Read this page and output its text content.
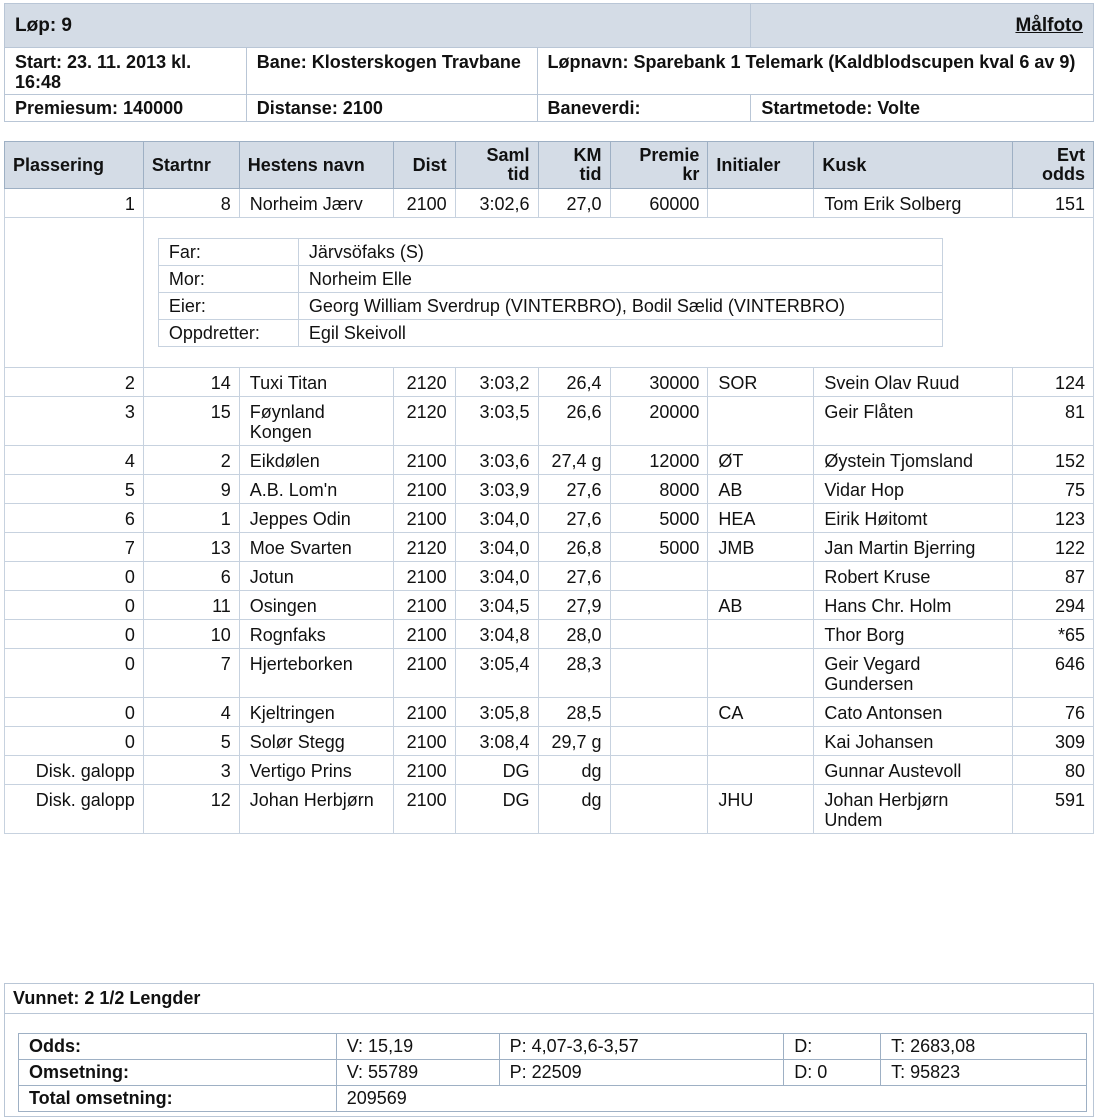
Løp: 9			Målfoto
Start: 23. 11. 2013 kl. 16:48	Bane: Klosterskogen Travbane	Løpnavn: Sparebank 1 Telemark (Kaldblodscupen kval 6 av 9)	
Premiesum: 140000	Distanse: 2100	Baneverdi:	Startmetode: Volte
Plassering	Startnr	Hestens navn	Dist	Saml tid	KM tid	Premie kr	Initialer	Kusk	Evt odds
1	8	Norheim Jærv	2100	3:02,6	27,0	60000		Tom Erik Solberg	151

Far:	Järvsöfaks (S)
Mor:	Norheim Elle
Eier:	Georg William Sverdrup (VINTERBRO), Bodil Sælid (VINTERBRO)
Oppdretter:	Egil Skeivoll

2	14	Tuxi Titan	2120	3:03,2	26,4	30000	SOR	Svein Olav Ruud	124
3	15	Føynland Kongen	2120	3:03,5	26,6	20000		Geir Flåten	81
4	2	Eikdølen	2100	3:03,6	27,4 g	12000	ØT	Øystein Tjomsland	152
5	9	A.B. Lom'n	2100	3:03,9	27,6	8000	AB	Vidar Hop	75
6	1	Jeppes Odin	2100	3:04,0	27,6	5000	HEA	Eirik Høitomt	123
7	13	Moe Svarten	2120	3:04,0	26,8	5000	JMB	Jan Martin Bjerring	122
0	6	Jotun	2100	3:04,0	27,6			Robert Kruse	87
0	11	Osingen	2100	3:04,5	27,9		AB	Hans Chr. Holm	294
0	10	Rognfaks	2100	3:04,8	28,0			Thor Borg	*65
0	7	Hjerteborken	2100	3:05,4	28,3			Geir Vegard Gundersen	646
0	4	Kjeltringen	2100	3:05,8	28,5		CA	Cato Antonsen	76
0	5	Solør Stegg	2100	3:08,4	29,7 g			Kai Johansen	309
Disk. galopp	3	Vertigo Prins	2100	DG	dg			Gunnar Austevoll	80
Disk. galopp	12	Johan Herbjørn	2100	DG	dg		JHU	Johan Herbjørn Undem	591
Vunnet: 2 1/2 Lengder
Odds:	V: 15,19	P: 4,07-3,6-3,57	D:	T: 2683,08
Omsetning:	V: 55789	P: 22509	D: 0	T: 95823
Total omsetning:	209569			
